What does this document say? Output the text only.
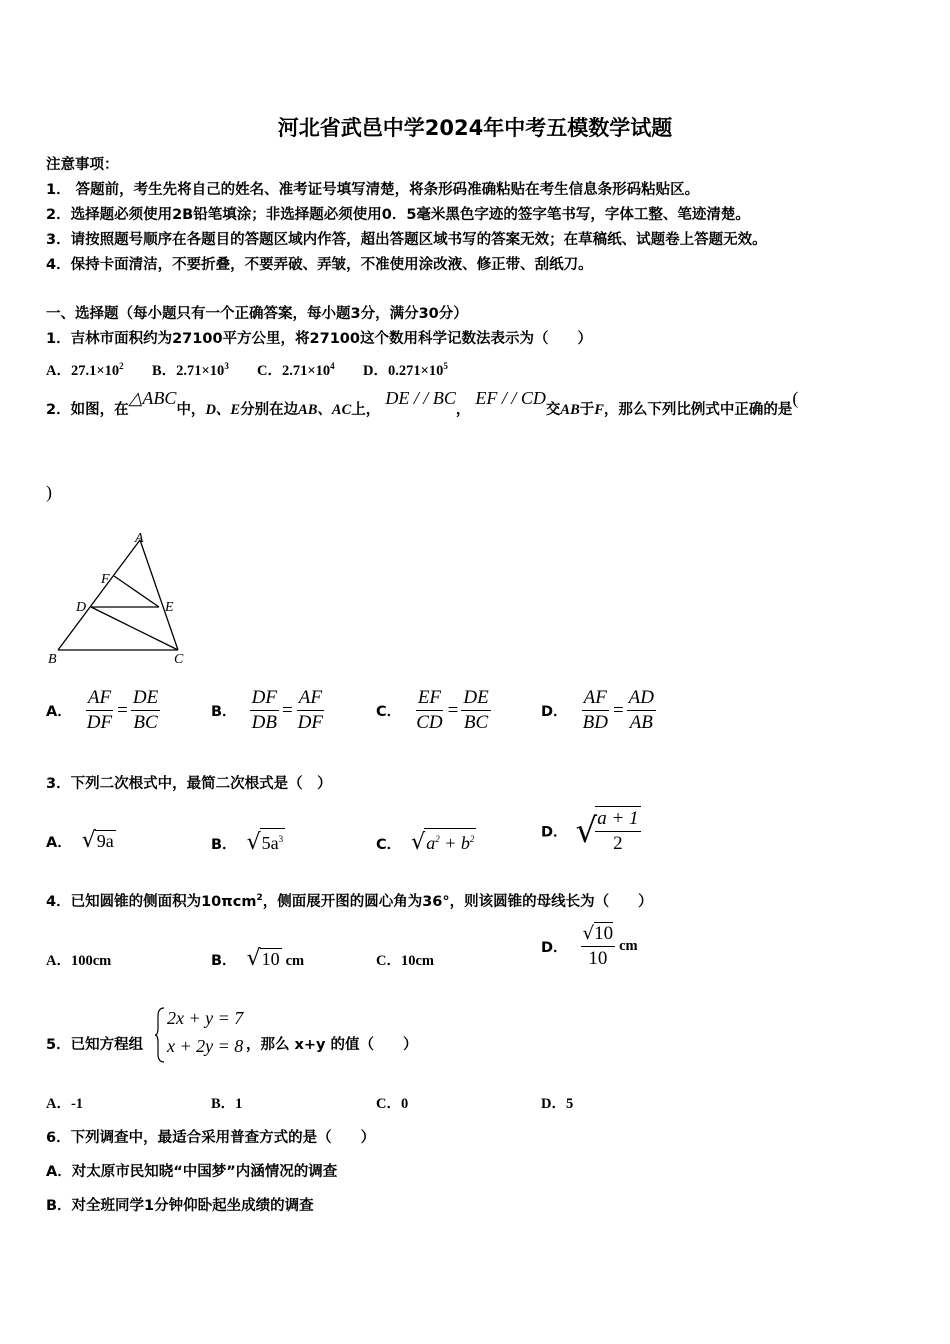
河北省武邑中学2024年中考五模数学试题
注意事项：
1． 答题前，考生先将自己的姓名、准考证号填写清楚，将条形码准确粘贴在考生信息条形码粘贴区。
2．选择题必须使用2B铅笔填涂；非选择题必须使用0．5毫米黑色字迹的签字笔书写，字体工整、笔迹清楚。
3．请按照题号顺序在各题目的答题区域内作答，超出答题区域书写的答案无效；在草稿纸、试题卷上答题无效。
4．保持卡面清洁，不要折叠，不要弄破、弄皱，不准使用涂改液、修正带、刮纸刀。
一、选择题（每小题只有一个正确答案，每小题3分，满分30分）
1．吉林市面积约为27100平方公里，将27100这个数用科学记数法表示为（　　）
A．$27.1\times 10^2$ B．$2.71\times 10^3$ C．$2.71\times 10^4$ D．$0.271\times 10^5$
2．如图，在△ABC中，D、E分别在边AB、AC上， DE / / BC， EF / / CD交AB于F，那么下列比例式中正确的是(
)
A
B	C
D	E
F
A． $\frac{AF}{DF} = \frac{DE}{BC}$	B． $\frac{DF}{DB} = \frac{AF}{DF}$	C． $\frac{EF}{CD} = \frac{DE}{BC}$	D． $\frac{AF}{BD} = \frac{AD}{AB}$
3．下列二次根式中，最简二次根式是（　）
A． √9a	B． $√5a^3$	C． $√a^2 + b^2$	D． √
$\frac{a + 1}{2}$
4．已知圆锥的侧面积为10πcm$^2$，侧面展开图的圆心角为36°，则该圆锥的母线长为（　　）
A．100cm	B． √10 cm	C．10cm
D． $\frac{√10}{10}$ cm
5．已知方程组
2x + y = 7
x + 2y = 8 ，那么 x+y 的值（　　）
A．-1	B．1	C．0	D．5
6．下列调查中，最适合采用普查方式的是（　　）
A．对太原市民知晓“中国梦”内涵情况的调查
B．对全班同学1分钟仰卧起坐成绩的调查
